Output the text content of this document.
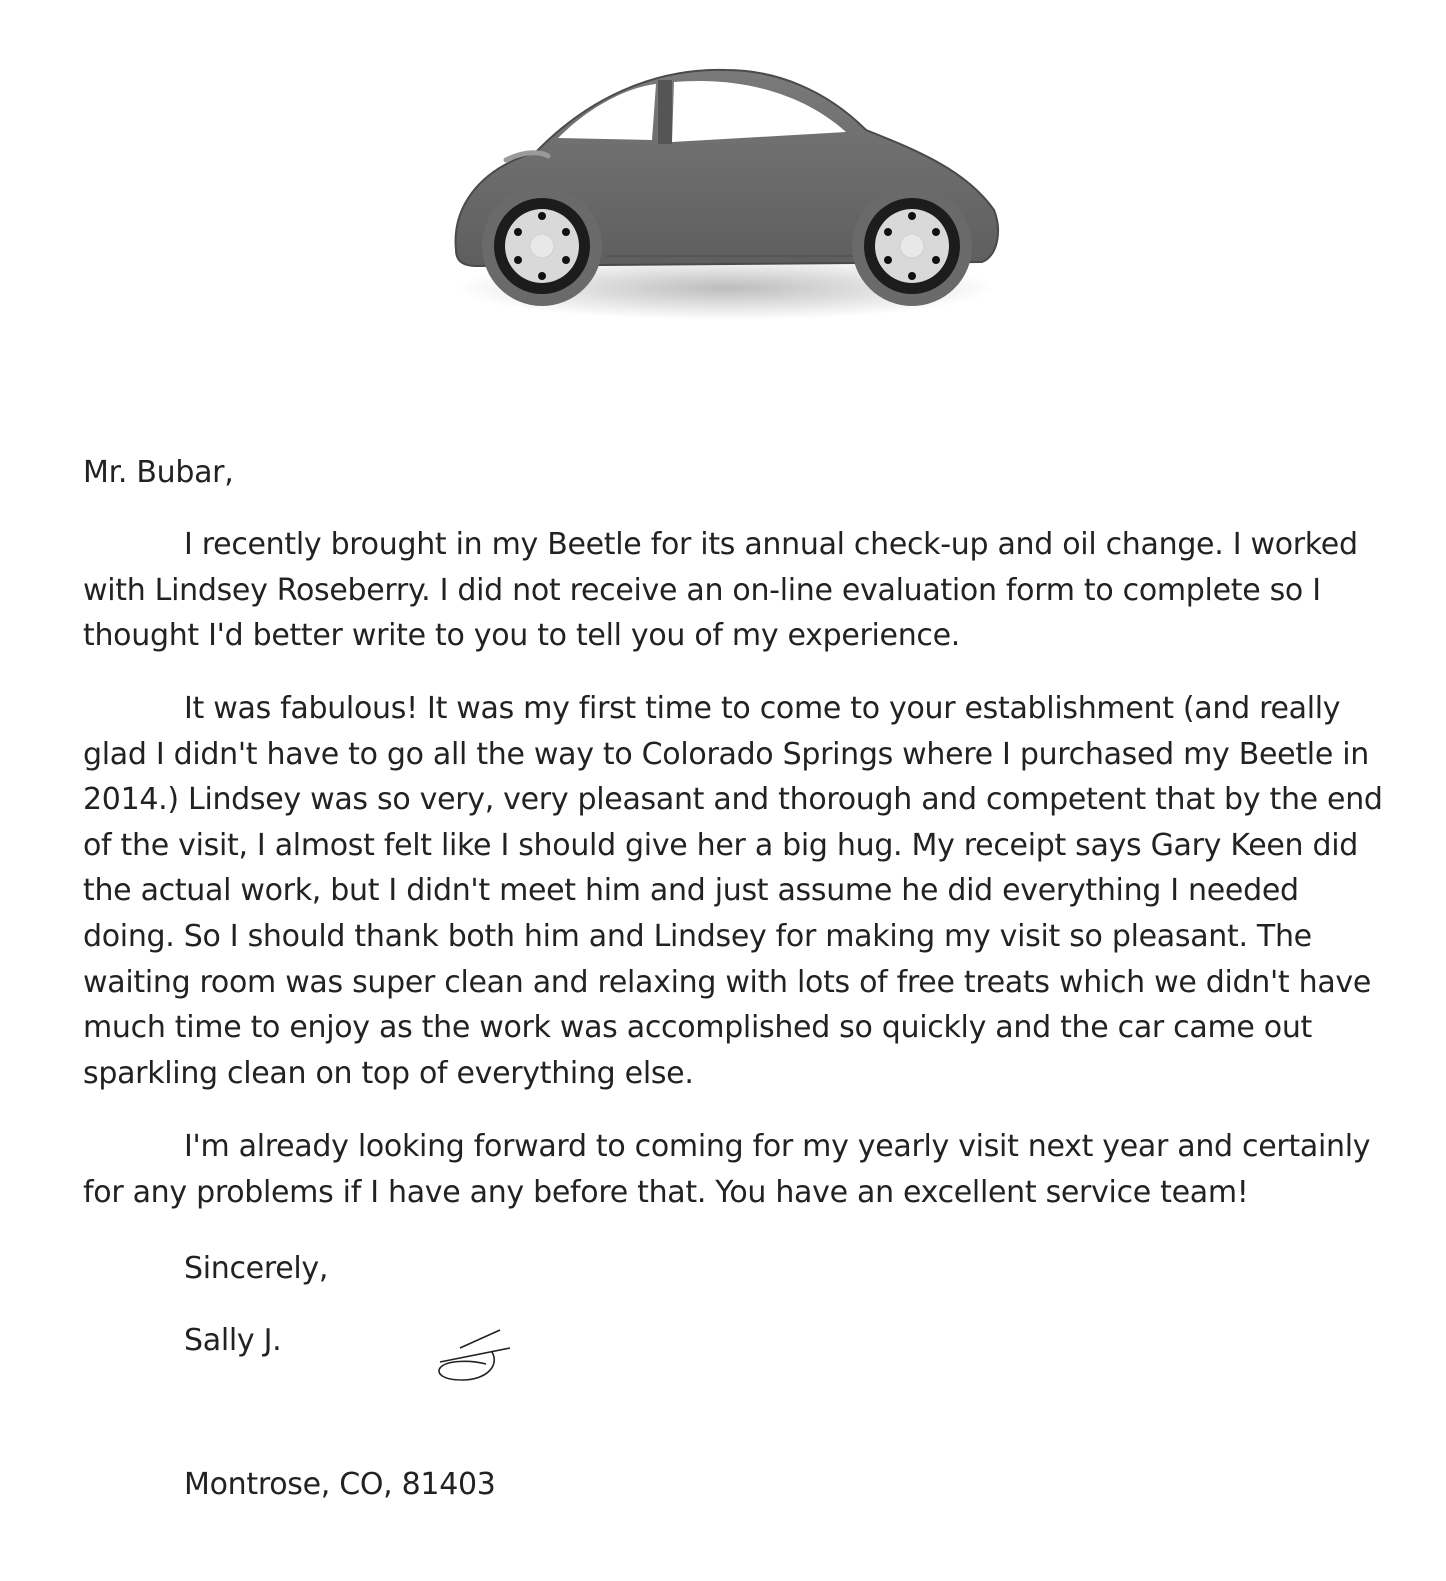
Mr. Bubar,

I recently brought in my Beetle for its annual check-up and oil change. I worked with Lindsey Roseberry. I did not receive an on-line evaluation form to complete so I thought I'd better write to you to tell you of my experience.

It was fabulous! It was my first time to come to your establishment (and really glad I didn't have to go all the way to Colorado Springs where I purchased my Beetle in 2014.) Lindsey was so very, very pleasant and thorough and competent that by the end of the visit, I almost felt like I should give her a big hug. My receipt says Gary Keen did the actual work, but I didn't meet him and just assume he did everything I needed doing. So I should thank both him and Lindsey for making my visit so pleasant. The waiting room was super clean and relaxing with lots of free treats which we didn't have much time to enjoy as the work was accomplished so quickly and the car came out sparkling clean on top of everything else.

I'm already looking forward to coming for my yearly visit next year and certainly for any problems if I have any before that. You have an excellent service team!

Sincerely,

Sally J.

Montrose, CO, 81403
